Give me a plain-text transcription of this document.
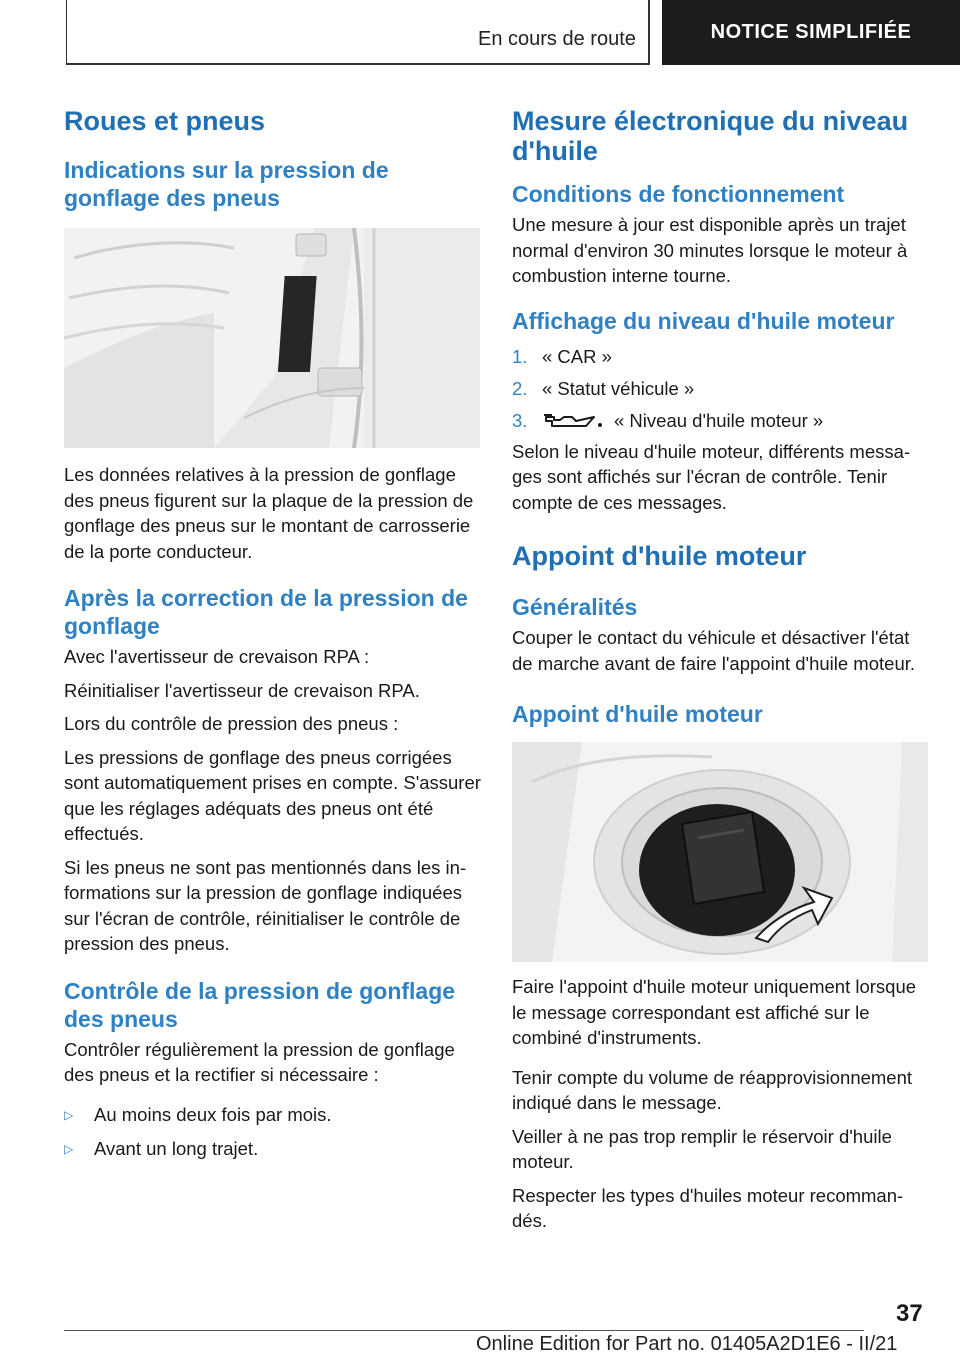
En cours de route	NOTICE SIMPLIFIÉE
Roues et pneus
Indications sur la pression de gonflage des pneus

Les données relatives à la pression de gonflage des pneus figurent sur la plaque de la pression de gonflage des pneus sur le montant de carrosserie de la porte conducteur.

Après la correction de la pression de gonflage

Avec l'avertisseur de crevaison RPA :

Réinitialiser l'avertisseur de crevaison RPA.

Lors du contrôle de pression des pneus :

Les pressions de gonflage des pneus corrigées sont automatiquement prises en compte. S'assurer que les réglages adéquats des pneus ont été effectués.

Si les pneus ne sont pas mentionnés dans les informations sur la pression de gonflage indiquées sur l'écran de contrôle, réinitialiser le contrôle de pression des pneus.

Contrôle de la pression de gonflage des pneus

Contrôler régulièrement la pression de gonflage des pneus et la rectifier si nécessaire :

▷	Au moins deux fois par mois.
▷	Avant un long trajet.
Mesure électronique du niveau d'huile
Conditions de fonctionnement

Une mesure à jour est disponible après un trajet normal d'environ 30 minutes lorsque le moteur à combustion interne tourne.

Affichage du niveau d'huile moteur
1. « CAR »
2. « Statut véhicule »
3.	« Niveau d'huile moteur »

Selon le niveau d'huile moteur, différents messages sont affichés sur l'écran de contrôle. Tenir compte de ces messages.

Appoint d'huile moteur
Généralités

Couper le contact du véhicule et désactiver l'état de marche avant de faire l'appoint d'huile moteur.

Appoint d'huile moteur

Faire l'appoint d'huile moteur uniquement lorsque le message correspondant est affiché sur le combiné d'instruments.

Tenir compte du volume de réapprovisionnement indiqué dans le message.

Veiller à ne pas trop remplir le réservoir d'huile moteur.

Respecter les types d'huiles moteur recommandés.

37
Online Edition for Part no. 01405A2D1E6 - II/21
